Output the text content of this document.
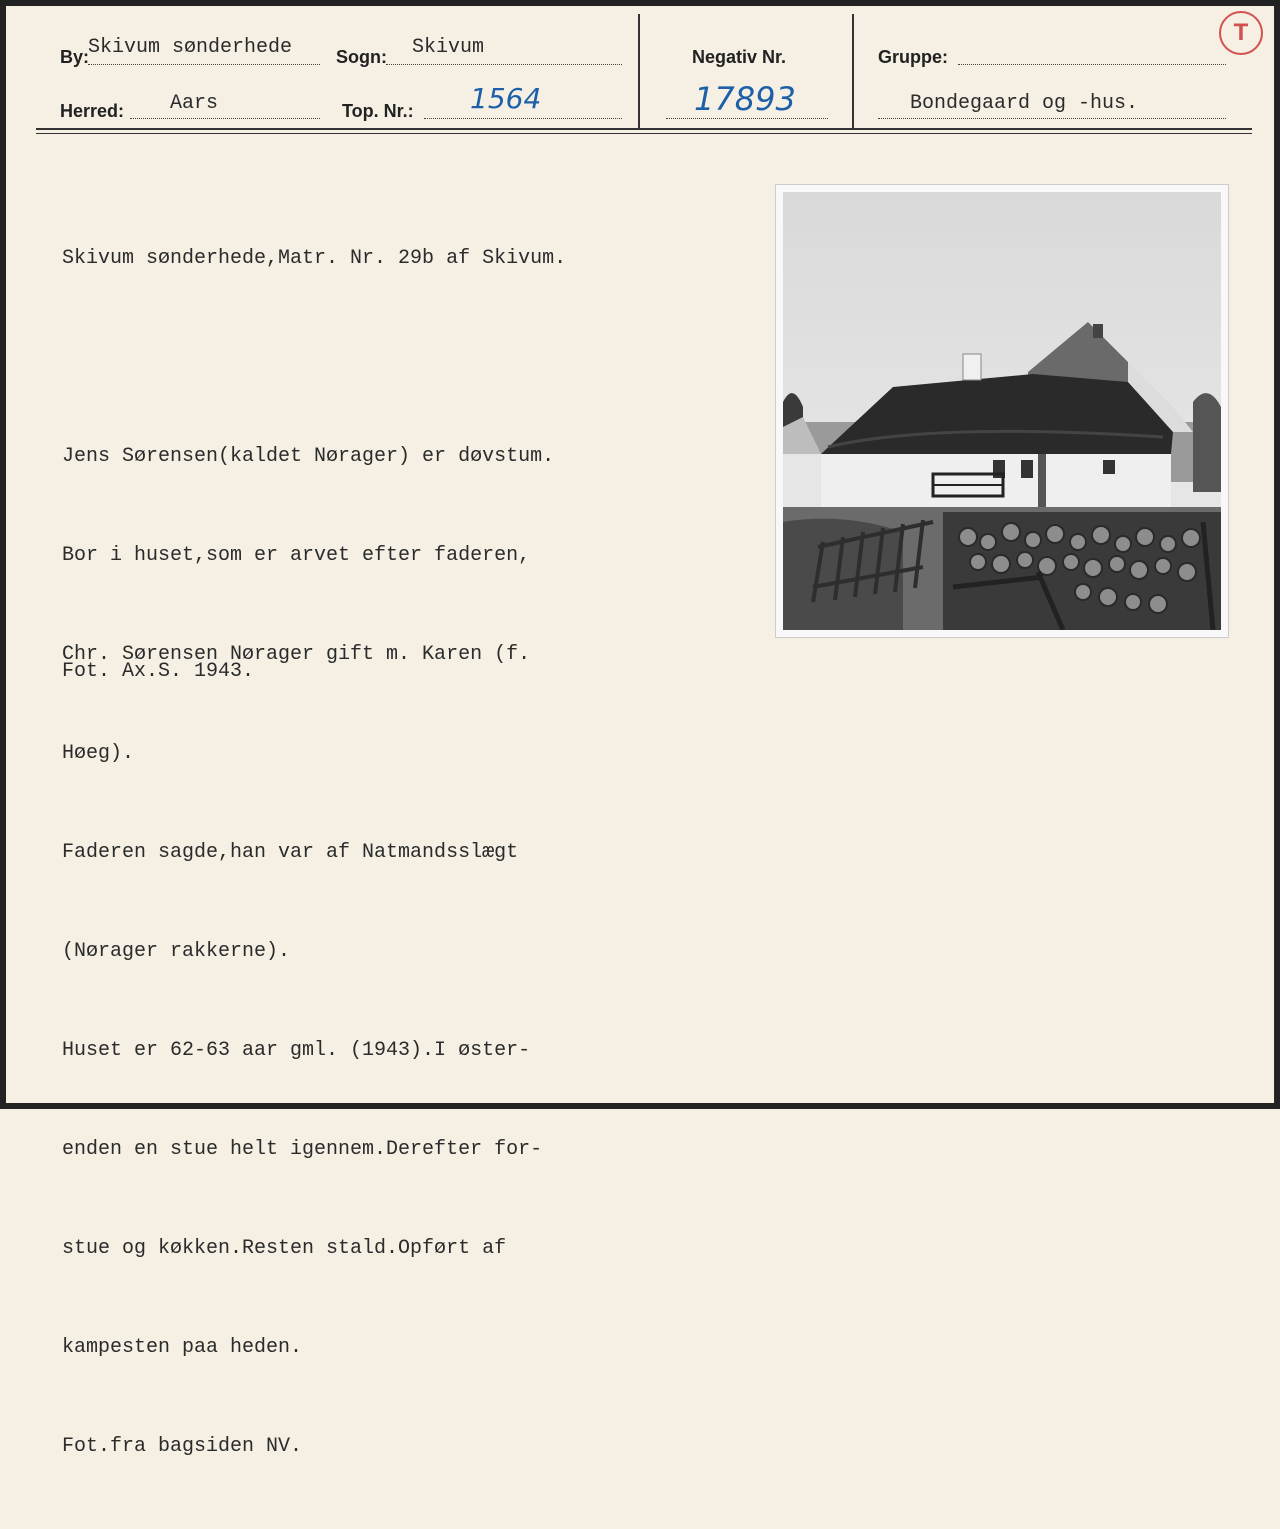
By:
Skivum sønderhede Sogn: Skivum
Herred: Aars	Top. Nr.: 1564
Negativ Nr.
17893
Gruppe:
Bondegaard og -hus.
T

Skivum sønderhede,Matr. Nr. 29b af Skivum.

Jens Sørensen(kaldet Nørager) er døvstum.

Bor i huset,som er arvet efter faderen,

Chr. Sørensen Nørager gift m. Karen (f.

Høeg).

Faderen sagde,han var af Natmandsslægt

(Nørager rakkerne).

Huset er 62-63 aar gml. (1943).I øster-

enden en stue helt igennem.Derefter for-

stue og køkken.Resten stald.Opført af

kampesten paa heden.

Fot.fra bagsiden NV.

Fot. Ax.S. 1943.
